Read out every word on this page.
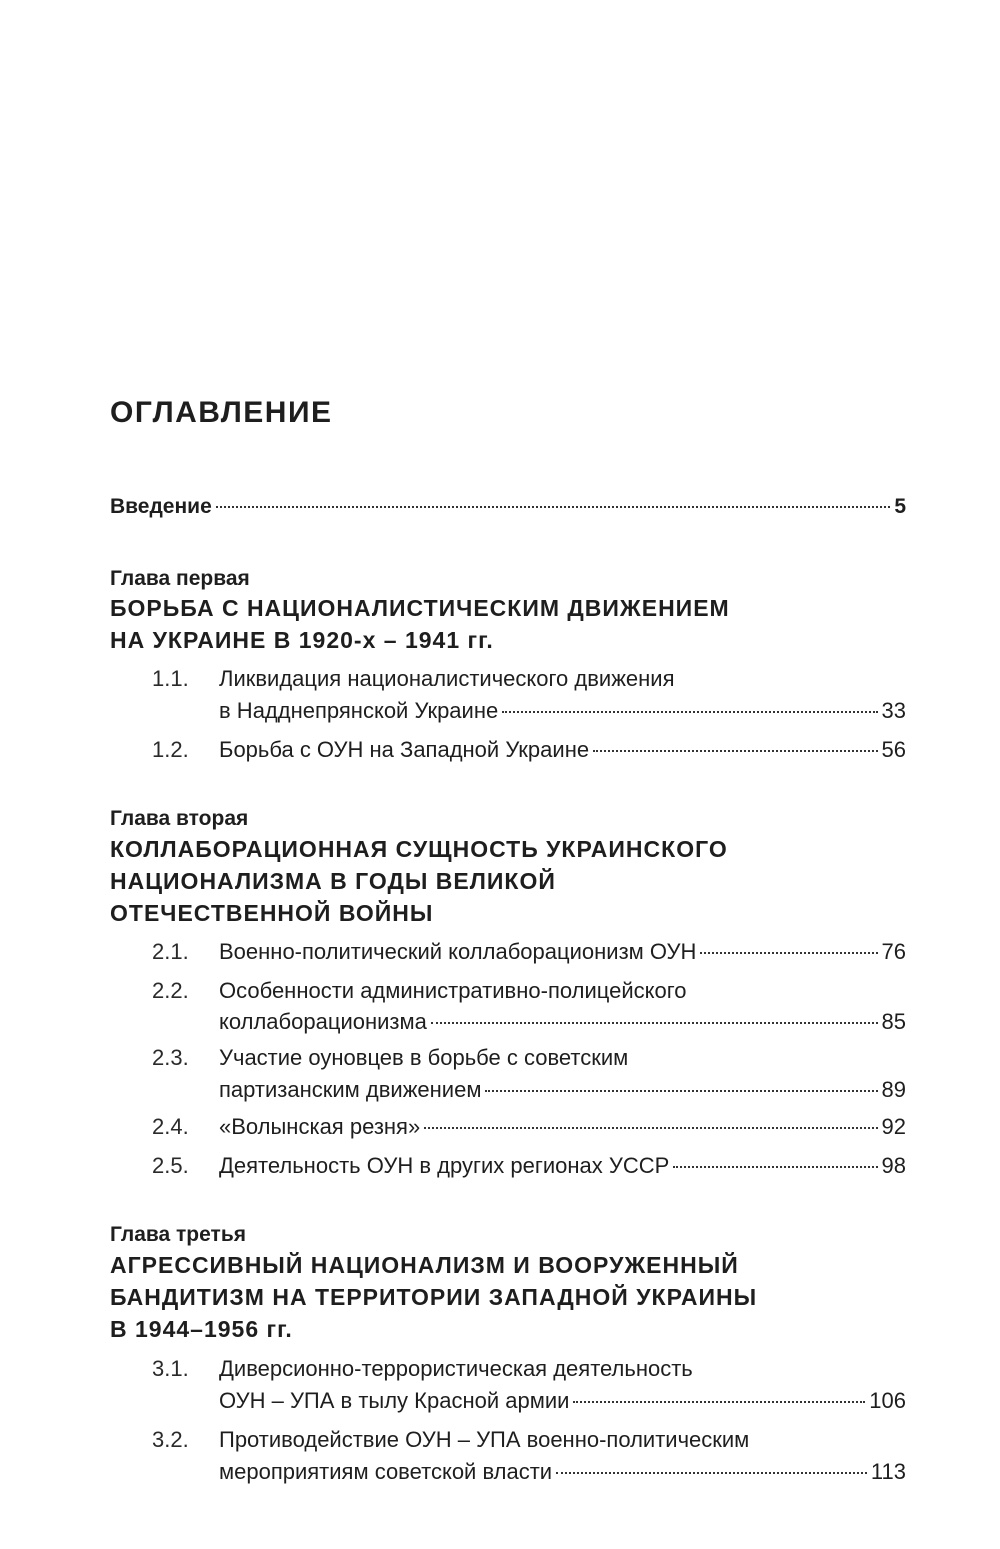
ОГЛАВЛЕНИЕ
Введение	5
Глава первая
БОРЬБА С НАЦИОНАЛИСТИЧЕСКИМ ДВИЖЕНИЕМ
НА УКРАИНЕ В 1920-х – 1941 гг.
1.1. Ликвидация националистического движения
в Надднепрянской Украине	33
1.2. Борьба с ОУН на Западной Украине	56
Глава вторая
КОЛЛАБОРАЦИОННАЯ СУЩНОСТЬ УКРАИНСКОГО
НАЦИОНАЛИЗМА В ГОДЫ ВЕЛИКОЙ
ОТЕЧЕСТВЕННОЙ ВОЙНЫ
2.1. Военно-политический коллаборационизм ОУН	76
2.2. Особенности административно-полицейского
коллаборационизма	85
2.3. Участие оуновцев в борьбе с советским
партизанским движением	89
2.4. «Волынская резня»	92
2.5. Деятельность ОУН в других регионах УССР	98
Глава третья
АГРЕССИВНЫЙ НАЦИОНАЛИЗМ И ВООРУЖЕННЫЙ
БАНДИТИЗМ НА ТЕРРИТОРИИ ЗАПАДНОЙ УКРАИНЫ
В 1944–1956 гг.
3.1. Диверсионно-террористическая деятельность
ОУН – УПА в тылу Красной армии	106
3.2. Противодействие ОУН – УПА военно-политическим
мероприятиям советской власти	113
